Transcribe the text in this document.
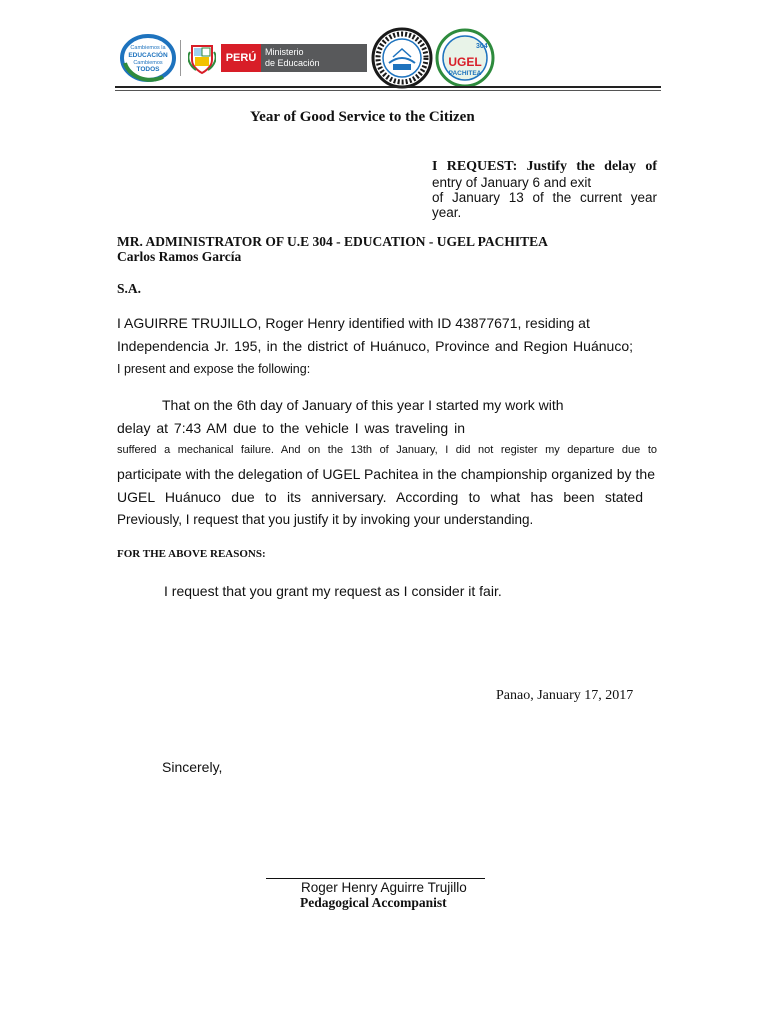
Cambiemos la
EDUCACIÓN
Cambiemos
TODOS
PERÚ Ministerio
de Educación
304
UGEL
PACHITEA
Year of Good Service to the Citizen
I REQUEST: Justify the delay of
entry of January 6 and exit
of January 13 of the current year
year.
MR. ADMINISTRATOR OF U.E 304 - EDUCATION - UGEL PACHITEA
Carlos Ramos García
S.A.
I AGUIRRE TRUJILLO, Roger Henry identified with ID 43877671, residing at
Independencia Jr. 195, in the district of Huánuco, Province and Region Huánuco;
I present and expose the following:
That on the 6th day of January of this year I started my work with
delay at 7:43 AM due to the vehicle I was traveling in
suffered a mechanical failure. And on the 13th of January, I did not register my departure due to
participate with the delegation of UGEL Pachitea in the championship organized by the
UGEL Huánuco due to its anniversary. According to what has been stated
Previously, I request that you justify it by invoking your understanding.
FOR THE ABOVE REASONS:
I request that you grant my request as I consider it fair.
Panao, January 17, 2017
Sincerely,
Roger Henry Aguirre Trujillo
Pedagogical Accompanist
